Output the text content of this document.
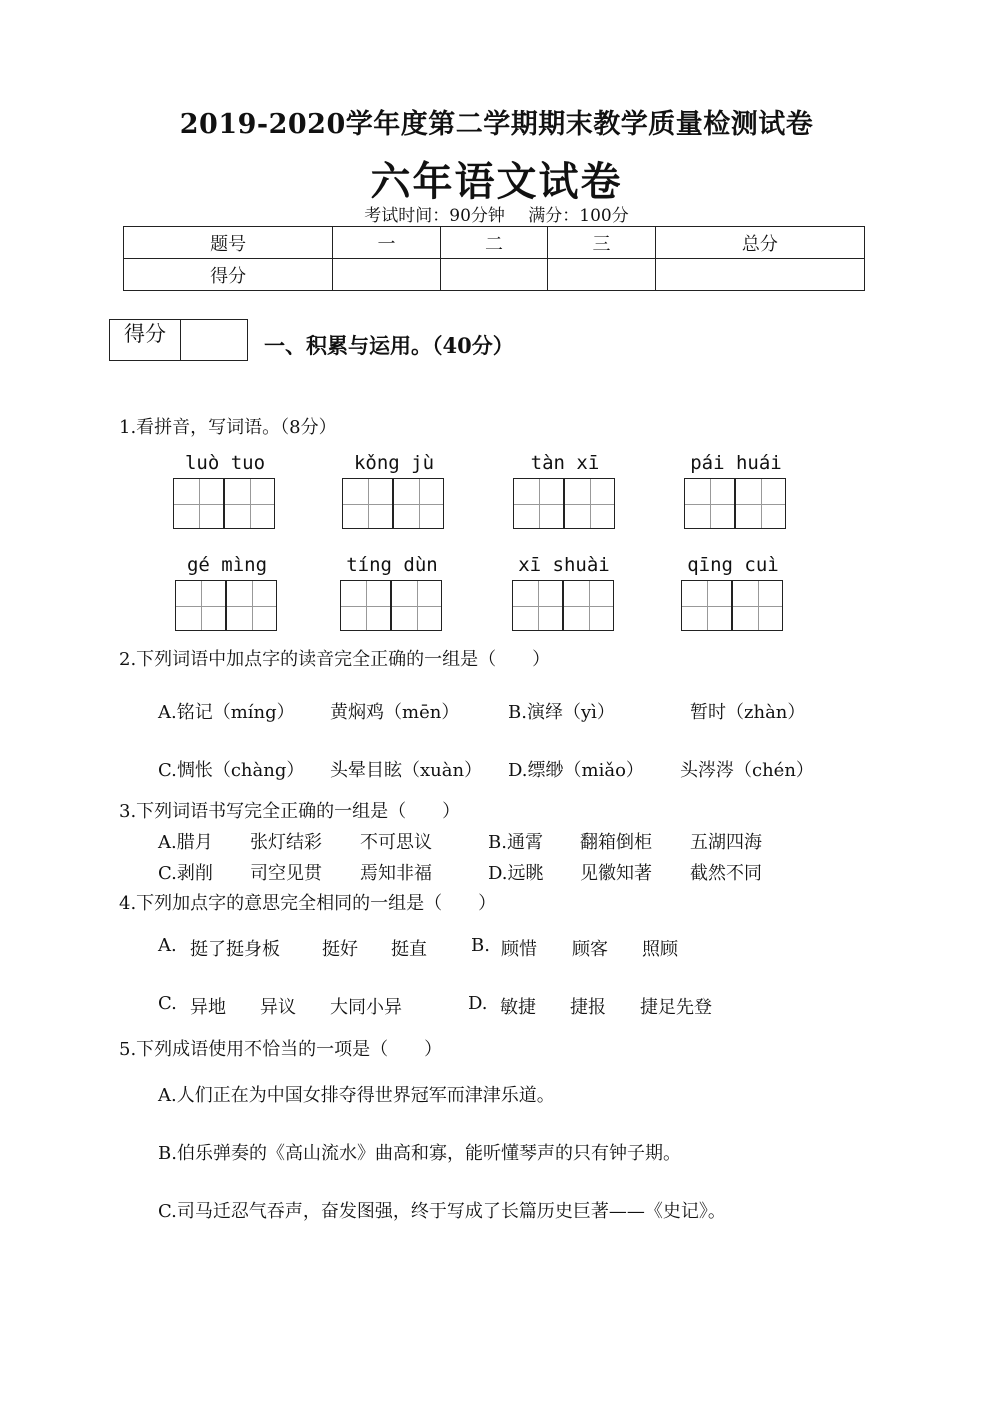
2019-2020学年度第二学期期末教学质量检测试卷
六年语文试卷
考试时间：90分钟 满分：100分
题号	一	二	三	总分
得分				
得分	一、积累与运用。（40分）
1.看拼音，写词语。（8分）
luò tuo	kǒng jù	tàn xī	pái huái
gé mìng	tíng dùn	xī shuài	qīng cuì
2.下列词语中加点字的读音完全正确的一组是（　　）
A.铭记（míng） 黄焖鸡（mēn）	B.演绎（yì）	暂时（zhàn）
C.惆怅（chàng） 头晕目眩（xuàn） D.缥缈（miǎo） 头涔涔（chén）
3.下列词语书写完全正确的一组是（　　）
A.腊月 张灯结彩 不可思议	B.通霄 翻箱倒柜 五湖四海
C.剥削 司空见贯 焉知非福	D.远眺 见徽知著 截然不同
4.下列加点字的意思完全相同的一组是（　　）
A. 挺了挺身板 挺好 挺直 B. 顾惜 顾客 照顾
C. 异地 异议 大同小异	D. 敏捷 捷报 捷足先登
5.下列成语使用不恰当的一项是（　　）
A.人们正在为中国女排夺得世界冠军而津津乐道。
B.伯乐弹奏的《高山流水》曲高和寡，能听懂琴声的只有钟子期。
C.司马迁忍气吞声，奋发图强，终于写成了长篇历史巨著——《史记》。
